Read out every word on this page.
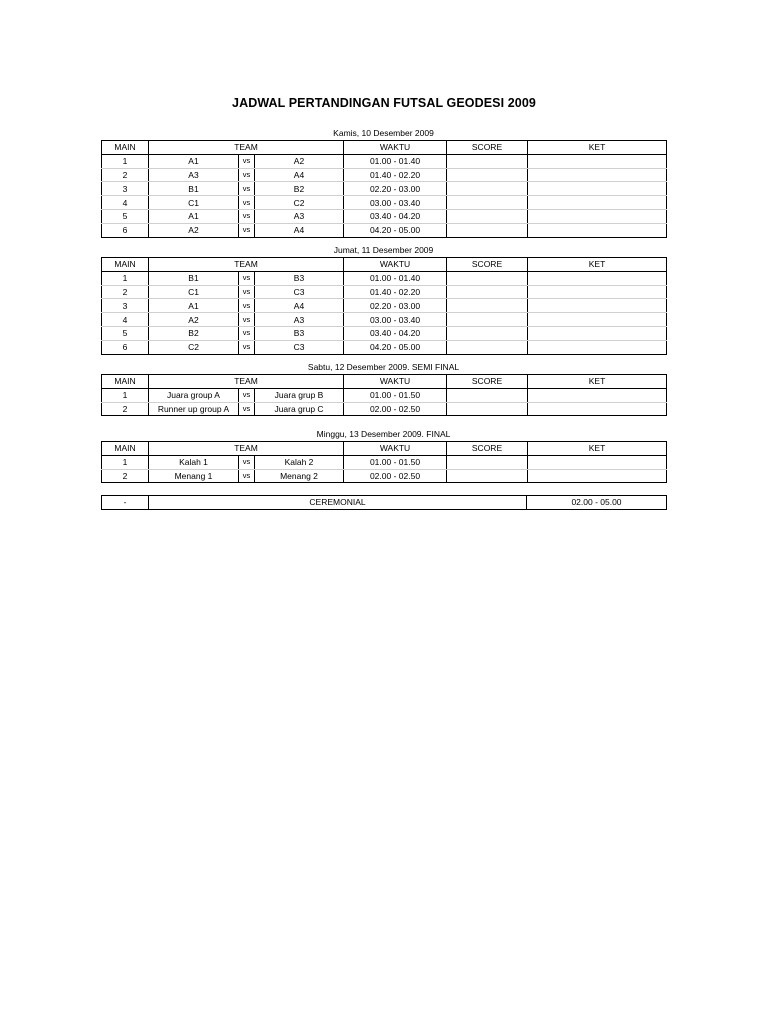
JADWAL PERTANDINGAN FUTSAL GEODESI 2009
Kamis, 10 Desember 2009
MAIN	TEAM			WAKTU	SCORE	KET
1	A1	vs	A2	01.00 - 01.40		
2	A3	vs	A4	01.40 - 02.20		
3	B1	vs	B2	02.20 - 03.00		
4	C1	vs	C2	03.00 - 03.40		
5	A1	vs	A3	03.40 - 04.20		
6	A2	vs	A4	04.20 - 05.00		
Jumat, 11 Desember 2009
MAIN	TEAM			WAKTU	SCORE	KET
1	B1	vs	B3	01.00 - 01.40		
2	C1	vs	C3	01.40 - 02.20		
3	A1	vs	A4	02.20 - 03.00		
4	A2	vs	A3	03.00 - 03.40		
5	B2	vs	B3	03.40 - 04.20		
6	C2	vs	C3	04.20 - 05.00		
Sabtu, 12 Desember 2009. SEMI FINAL
MAIN	TEAM			WAKTU	SCORE	KET
1	Juara group A	vs	Juara grup B	01.00 - 01.50		
2	Runner up group A	vs	Juara grup C	02.00 - 02.50		
Minggu, 13 Desember 2009. FINAL
MAIN	TEAM			WAKTU	SCORE	KET
1	Kalah 1	vs	Kalah 2	01.00 - 01.50		
2	Menang 1	vs	Menang 2	02.00 - 02.50		
-	CEREMONIAL	02.00 - 05.00
